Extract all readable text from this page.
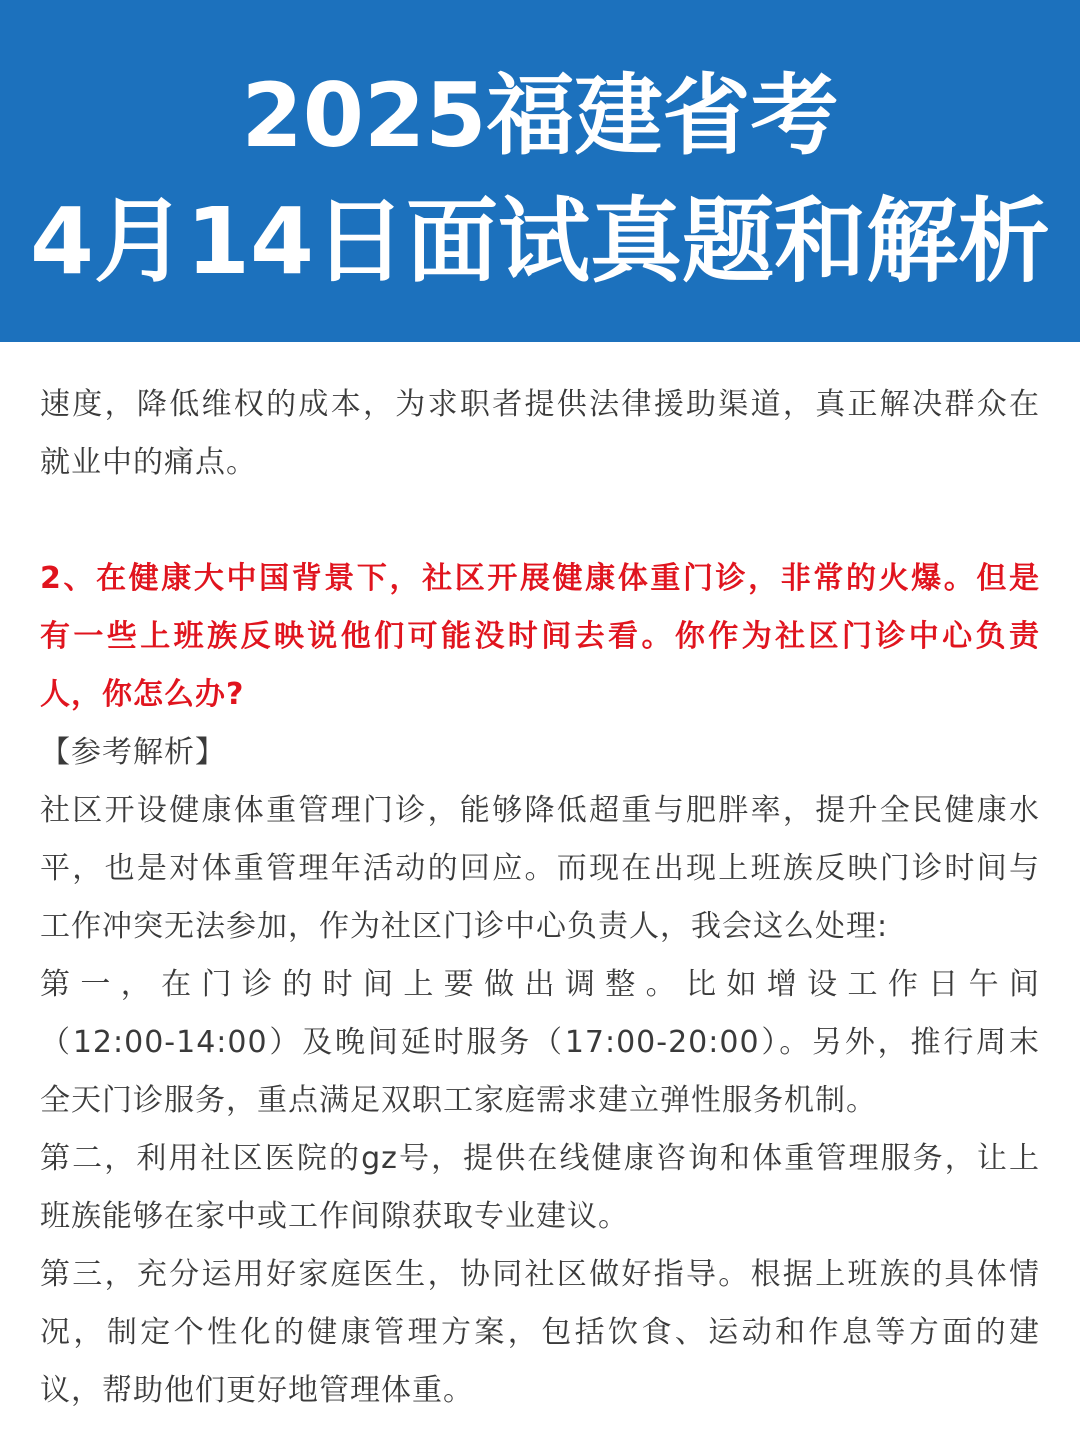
2025福建省考
4月14日面试真题和解析

速度，降低维权的成本，为求职者提供法律援助渠道，真正解决群众在

就业中的痛点。

2、在健康大中国背景下，社区开展健康体重门诊，非常的火爆。但是

有一些上班族反映说他们可能没时间去看。你作为社区门诊中心负责

人，你怎么办?

【参考解析】

社区开设健康体重管理门诊，能够降低超重与肥胖率，提升全民健康水

平，也是对体重管理年活动的回应。而现在出现上班族反映门诊时间与

工作冲突无法参加，作为社区门诊中心负责人，我会这么处理:

第一，在门诊的时间上要做出调整。比如增设工作日午间

（12:00-14:00）及晚间延时服务（17:00-20:00）。另外，推行周末

全天门诊服务，重点满足双职工家庭需求建立弹性服务机制。

第二，利用社区医院的gz号，提供在线健康咨询和体重管理服务，让上

班族能够在家中或工作间隙获取专业建议。

第三，充分运用好家庭医生，协同社区做好指导。根据上班族的具体情

况，制定个性化的健康管理方案，包括饮食、运动和作息等方面的建

议，帮助他们更好地管理体重。
